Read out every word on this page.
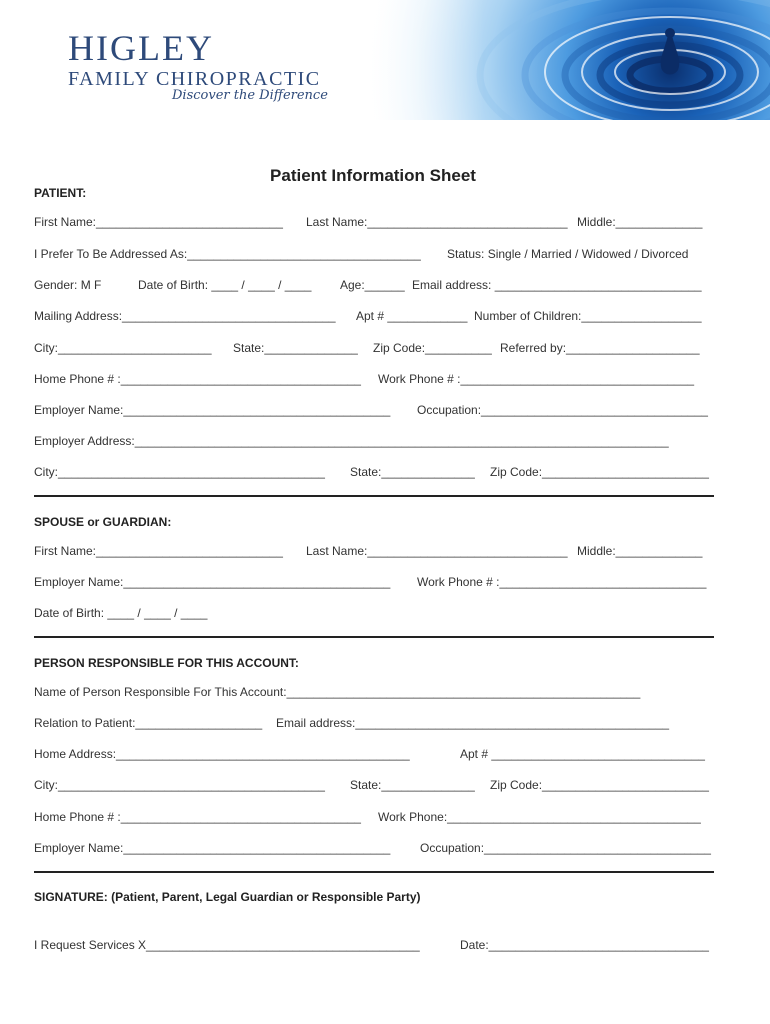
HIGLEY
FAMILY CHIROPRACTIC
Discover the Difference
Patient Information Sheet
PATIENT:
First Name:____________________________ Last Name:______________________________ Middle:_____________
I Prefer To Be Addressed As:___________________________________ Status: Single / Married / Widowed / Divorced
Gender: M F	Date of Birth: ____ / ____ / ____ Age:______ Email address: _______________________________
Mailing Address:________________________________ Apt # ____________ Number of Children:__________________
City:_______________________ State:______________ Zip Code:__________ Referred by:____________________
Home Phone # :____________________________________ Work Phone # :___________________________________
Employer Name:________________________________________ Occupation:__________________________________
Employer Address:________________________________________________________________________________
City:________________________________________ State:______________ Zip Code:_________________________
SPOUSE or GUARDIAN:
First Name:____________________________ Last Name:______________________________ Middle:_____________
Employer Name:________________________________________ Work Phone # :_______________________________
Date of Birth: ____ / ____ / ____
PERSON RESPONSIBLE FOR THIS ACCOUNT:
Name of Person Responsible For This Account:_____________________________________________________
Relation to Patient:___________________ Email address:_______________________________________________
Home Address:____________________________________________	Apt # ________________________________
City:________________________________________ State:______________ Zip Code:_________________________
Home Phone # :____________________________________ Work Phone:______________________________________
Employer Name:________________________________________ Occupation:__________________________________
SIGNATURE: (Patient, Parent, Legal Guardian or Responsible Party)
I Request Services X_________________________________________	Date:_________________________________
